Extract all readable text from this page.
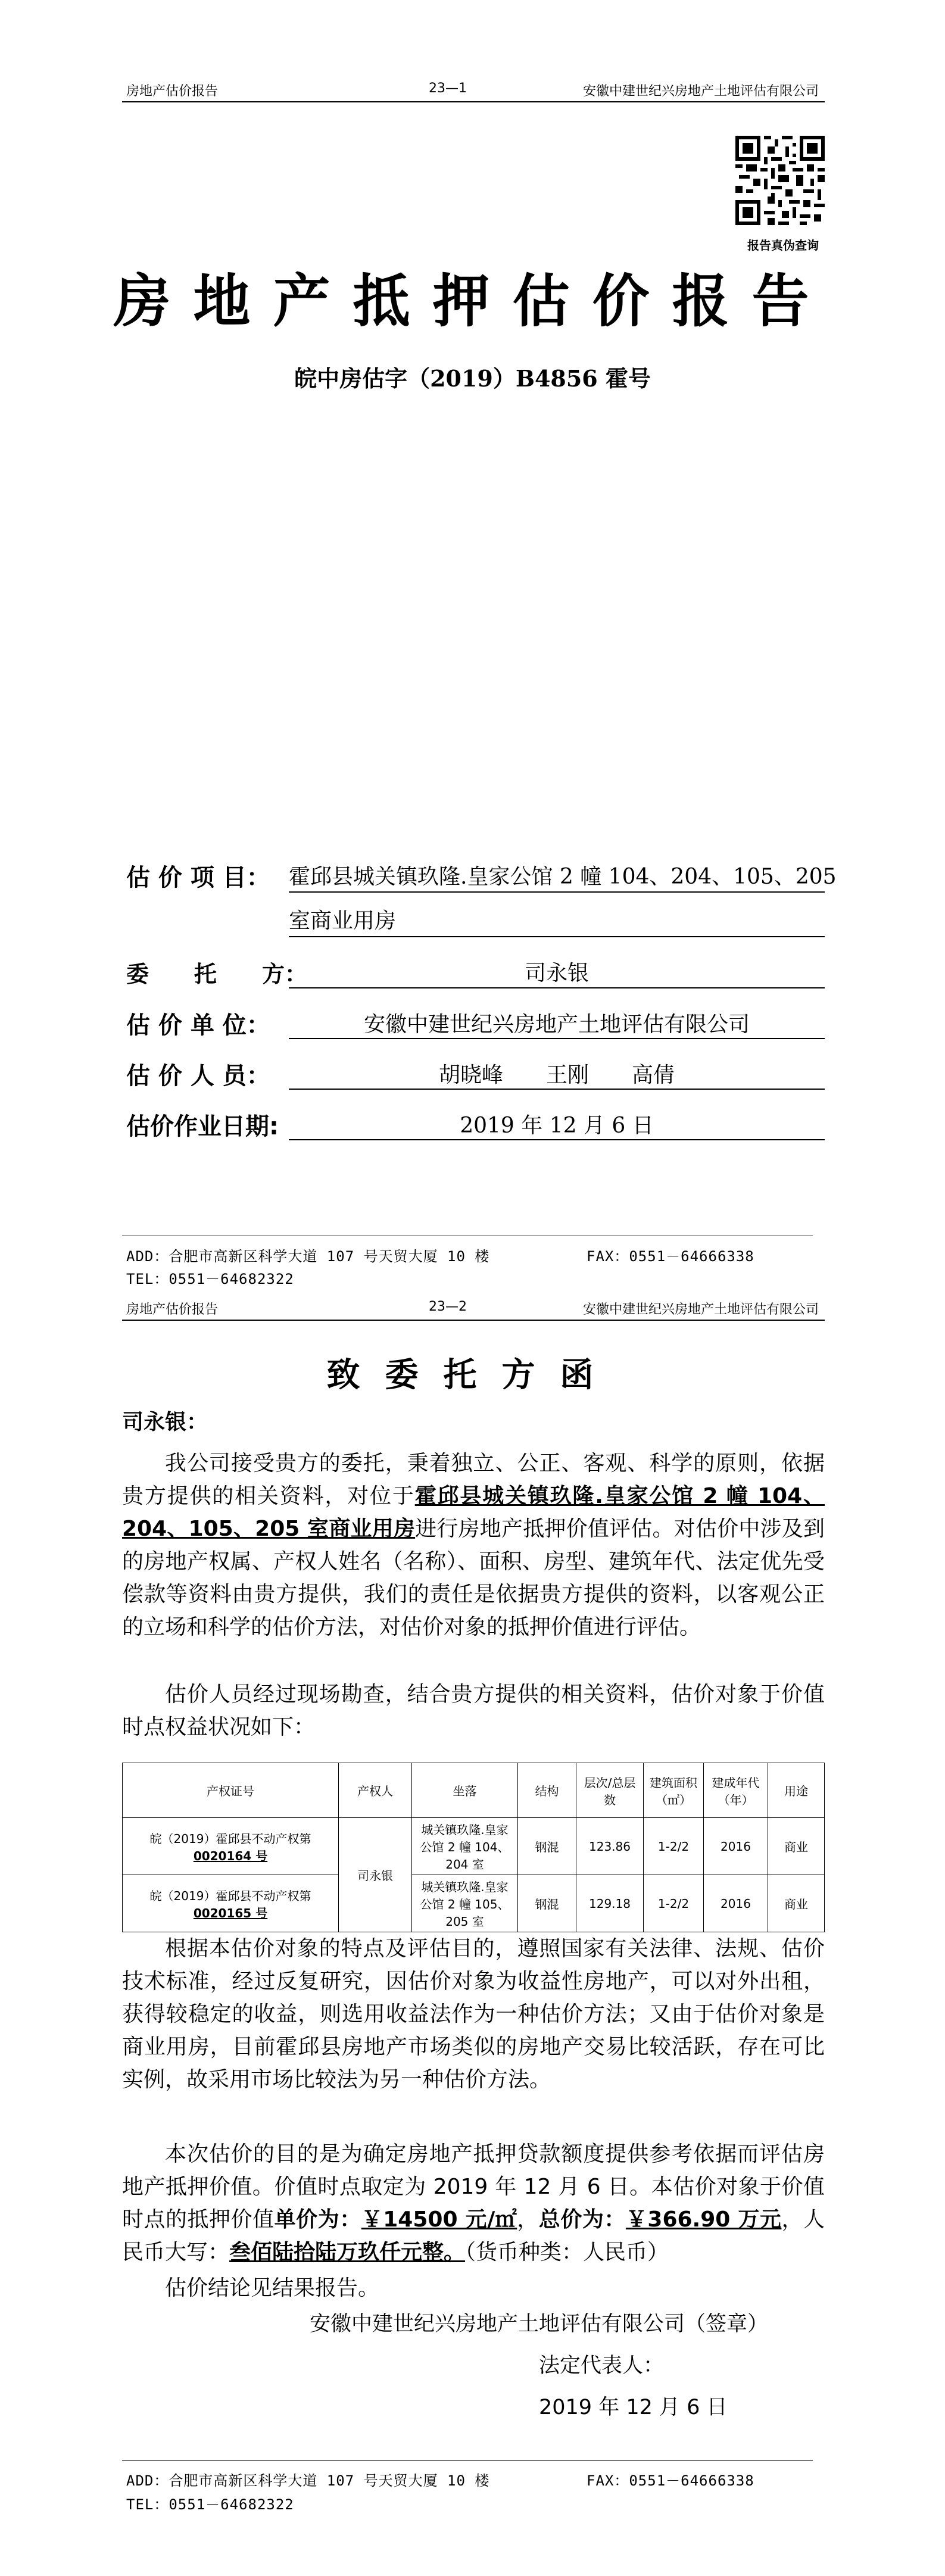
房地产估价报告	23—1	安徽中建世纪兴房地产土地评估有限公司
报告真伪查询
房地产抵押估价报告
皖中房估字（2019）B4856 霍号
估 价 项 目： 霍邱县城关镇玖隆.皇家公馆 2 幢 104、204、105、205
室商业用房
委　　托　　方：	司永银
估 价 单 位：	安徽中建世纪兴房地产土地评估有限公司
估 价 人 员：	胡晓峰　　王刚　　高倩
估价作业日期:	2019 年 12 月 6 日
ADD：合肥市高新区科学大道 107 号天贸大厦 10 楼	FAX：0551－64666338
TEL：0551－64682322
房地产估价报告	23—2	安徽中建世纪兴房地产土地评估有限公司
致委托方函
司永银：
我公司接受贵方的委托，秉着独立、公正、客观、科学的原则，依据贵方提供的相关资料，对位于霍邱县城关镇玖隆.皇家公馆 2 幢 104、204、105、205 室商业用房进行房地产抵押价值评估。对估价中涉及到的房地产权属、产权人姓名（名称）、面积、房型、建筑年代、法定优先受偿款等资料由贵方提供，我们的责任是依据贵方提供的资料，以客观公正的立场和科学的估价方法，对估价对象的抵押价值进行评估。
估价人员经过现场勘查，结合贵方提供的相关资料，估价对象于价值时点权益状况如下：
产权证号	产权人	坐落	结构	层次/总层数	建筑面积（㎡）	建成年代（年）	用途

皖（2019）霍邱县不动产权第
0020164 号	司永银	城关镇玖隆.皇家公馆 2 幢 104、204 室	钢混	123.86	1-2/2	2016	商业

皖（2019）霍邱县不动产权第
0020165 号		城关镇玖隆.皇家公馆 2 幢 105、205 室	钢混	129.18	1-2/2	2016	商业
根据本估价对象的特点及评估目的，遵照国家有关法律、法规、估价技术标准，经过反复研究，因估价对象为收益性房地产，可以对外出租，获得较稳定的收益，则选用收益法作为一种估价方法；又由于估价对象是商业用房，目前霍邱县房地产市场类似的房地产交易比较活跃，存在可比实例，故采用市场比较法为另一种估价方法。
本次估价的目的是为确定房地产抵押贷款额度提供参考依据而评估房地产抵押价值。价值时点取定为 2019 年 12 月 6 日。本估价对象于价值时点的抵押价值单价为：￥14500 元/㎡，总价为：￥366.90 万元，人民币大写：叁佰陆拾陆万玖仟元整。（货币种类：人民币）
估价结论见结果报告。
安徽中建世纪兴房地产土地评估有限公司（签章）
法定代表人：
2019 年 12 月 6 日
ADD：合肥市高新区科学大道 107 号天贸大厦 10 楼	FAX：0551－64666338
TEL：0551－64682322
